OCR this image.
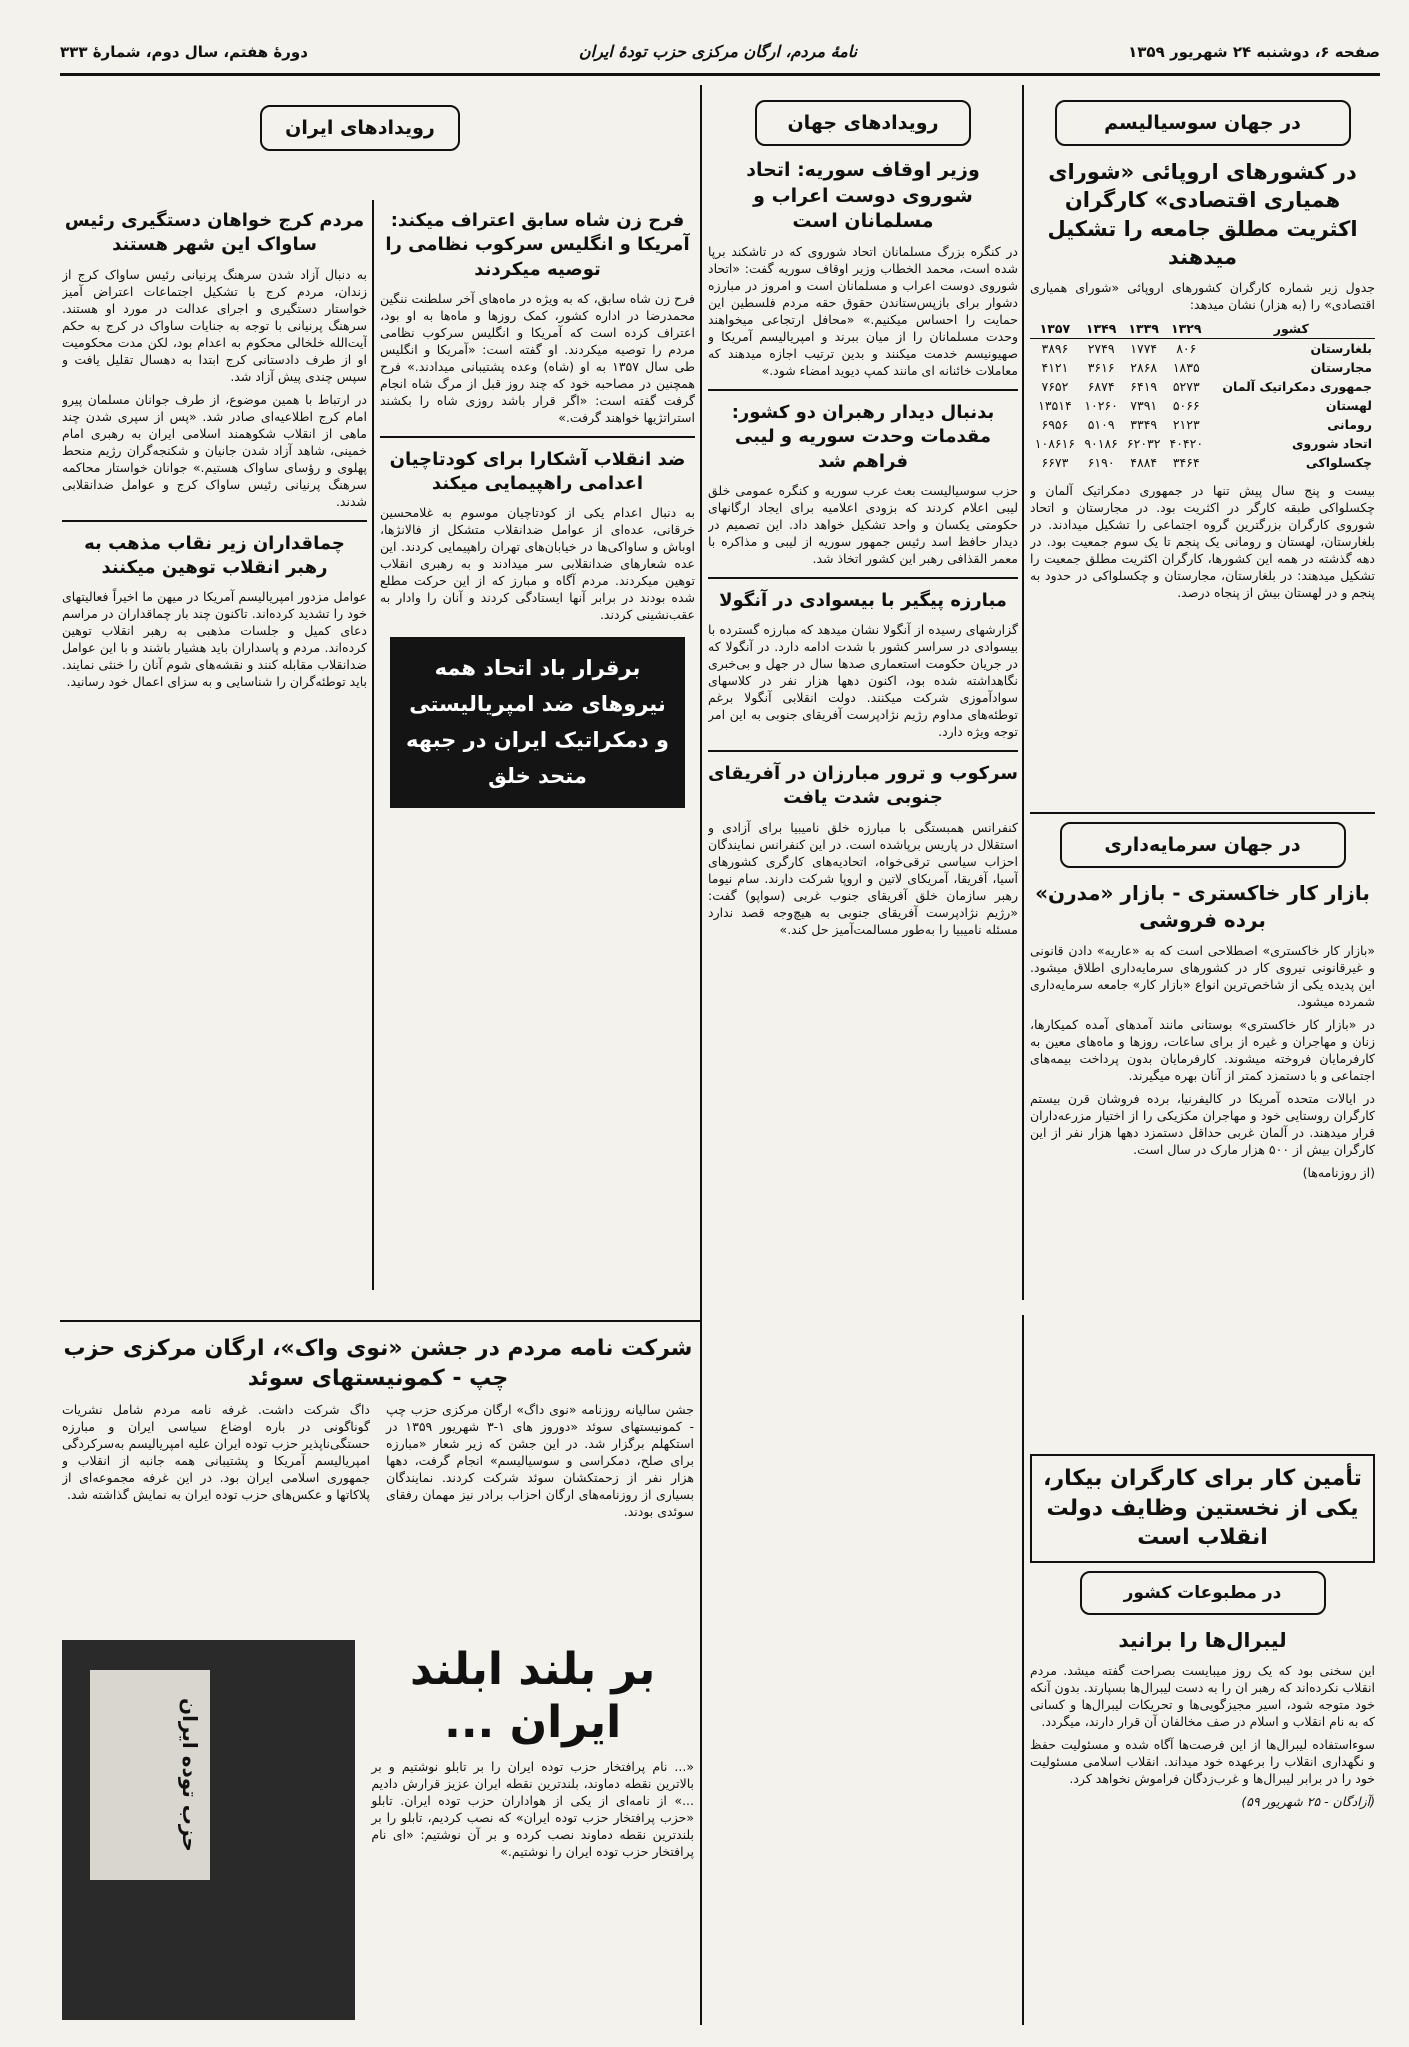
صفحه ۶، دوشنبه ۲۴ شهریور ۱۳۵۹
نامهٔ مردم، ارگان مرکزی حزب تودهٔ ایران
دورهٔ هفتم، سال دوم، شمارهٔ ۳۳۳
در جهان سوسیالیسم
در کشورهای اروپائی «شورای همیاری اقتصادی» کارگران اکثریت مطلق جامعه را تشکیل میدهند

جدول زیر شماره کارگران کشورهای اروپائی «شورای همیاری اقتصادی» را (به هزار) نشان میدهد:

کشور	۱۳۲۹	۱۳۳۹	۱۳۴۹	۱۳۵۷
بلغارستان	۸۰۶	۱۷۷۴	۲۷۴۹	۳۸۹۶
مجارستان	۱۸۳۵	۲۸۶۸	۳۶۱۶	۴۱۲۱
جمهوری دمکراتیک آلمان	۵۲۷۳	۶۴۱۹	۶۸۷۴	۷۶۵۲
لهستان	۵۰۶۶	۷۳۹۱	۱۰۲۶۰	۱۳۵۱۴
رومانی	۲۱۲۳	۳۳۴۹	۵۱۰۹	۶۹۵۶
اتحاد شوروی	۴۰۴۲۰	۶۲۰۳۲	۹۰۱۸۶	۱۰۸۶۱۶
چکسلواکی	۳۴۶۴	۴۸۸۴	۶۱۹۰	۶۶۷۳

بیست و پنج سال پیش تنها در جمهوری دمکراتیک آلمان و چکسلواکی طبقه کارگر در اکثریت بود. در مجارستان و اتحاد شوروی کارگران بزرگترین گروه اجتماعی را تشکیل میدادند. در بلغارستان، لهستان و رومانی یک پنجم تا یک سوم جمعیت بود. در دهه گذشته در همه این کشورها، کارگران اکثریت مطلق جمعیت را تشکیل میدهند: در بلغارستان، مجارستان و چکسلواکی در حدود به پنجم و در لهستان بیش از پنجاه درصد.

در جهان سرمایه‌داری
بازار کار خاکستری - بازار «مدرن» برده فروشی

«بازار کار خاکستری» اصطلاحی است که به «عاریه» دادن قانونی و غیرقانونی نیروی کار در کشورهای سرمایه‌داری اطلاق میشود. این پدیده یکی از شاخص‌ترین انواع «بازار کار» جامعه سرمایه‌داری شمرده میشود.

در «بازار کار خاکستری» بوستانی مانند آمدهای آمده کمیکارها، زنان و مهاجران و غیره از برای ساعات، روزها و ماه‌های معین به کارفرمایان فروخته میشوند. کارفرمایان بدون پرداخت بیمه‌های اجتماعی و با دستمزد کمتر از آنان بهره میگیرند.

در ایالات متحده آمریکا در کالیفرنیا، برده فروشان قرن بیستم کارگران روستایی خود و مهاجران مکزیکی را از اختیار مزرعه‌داران قرار میدهند. در آلمان غربی حداقل دستمزد دهها هزار نفر از این کارگران بیش از ۵۰۰ هزار مارک در سال است.

(از روزنامه‌ها)

تأمین کار برای کارگران بیکار، یکی از نخستین وظایف دولت انقلاب است
در مطبوعات کشور
لیبرال‌ها را برانید

این سخنی بود که یک روز میبایست بصراحت گفته میشد. مردم انقلاب نکرده‌اند که رهبر ان را به دست لیبرال‌ها بسپارند. بدون آنکه خود متوجه شود، اسیر مجیزگویی‌ها و تحریکات لیبرال‌ها و کسانی که به نام انقلاب و اسلام در صف مخالفان آن قرار دارند، میگردد.

سوءاستفاده لیبرال‌ها از این فرصت‌ها آگاه شده و مسئولیت حفظ و نگهداری انقلاب را برعهده خود میداند. انقلاب اسلامی مسئولیت خود را در برابر لیبرال‌ها و غرب‌زدگان فراموش نخواهد کرد.

(آزادگان - ۲۵ شهریور ۵۹)

رویدادهای جهان
وزیر اوقاف سوریه: اتحاد شوروی دوست اعراب و مسلمانان است

در کنگره بزرگ مسلمانان اتحاد شوروی که در تاشکند برپا شده است، محمد الخطاب وزیر اوقاف سوریه گفت: «اتحاد شوروی دوست اعراب و مسلمانان است و امروز در مبارزه دشوار برای بازپس‌ستاندن حقوق حقه مردم فلسطین این حمایت را احساس میکنیم.» «محافل ارتجاعی میخواهند وحدت مسلمانان را از میان ببرند و امپریالیسم آمریکا و صهیونیسم خدمت میکنند و بدین ترتیب اجازه میدهند که معاملات خائنانه ای مانند کمپ دیوید امضاء شود.»

بدنبال دیدار رهبران دو کشور: مقدمات وحدت سوریه و لیبی فراهم شد

حزب سوسیالیست بعث عرب سوریه و کنگره عمومی خلق لیبی اعلام کردند که بزودی اعلامیه برای ایجاد ارگانهای حکومتی یکسان و واحد تشکیل خواهد داد. این تصمیم در دیدار حافظ اسد رئیس جمهور سوریه از لیبی و مذاکره با معمر القذافی رهبر این کشور اتخاذ شد.

مبارزه پیگیر با بیسوادی در آنگولا

گزارشهای رسیده از آنگولا نشان میدهد که مبارزه گسترده با بیسوادی در سراسر کشور با شدت ادامه دارد. در آنگولا که در جریان حکومت استعماری صدها سال در جهل و بی‌خبری نگاهداشته شده بود، اکنون دهها هزار نفر در کلاسهای سوادآموزی شرکت میکنند. دولت انقلابی آنگولا برغم توطئه‌های مداوم رژیم نژادپرست آفریقای جنوبی به این امر توجه ویژه دارد.

سرکوب و ترور مبارزان در آفریقای جنوبی شدت یافت

کنفرانس همبستگی با مبارزه خلق نامیبیا برای آزادی و استقلال در پاریس برپاشده است. در این کنفرانس نمایندگان احزاب سیاسی ترقی‌خواه، اتحادیه‌های کارگری کشورهای آسیا، آفریقا، آمریکای لاتین و اروپا شرکت دارند. سام نیوما رهبر سازمان خلق آفریقای جنوب غربی (سواپو) گفت: «رژیم نژادپرست آفریقای جنوبی به هیچ‌وجه قصد ندارد مسئله نامیبیا را به‌طور مسالمت‌آمیز حل کند.»

رویدادهای ایران
فرح زن شاه سابق اعتراف میکند: آمریکا و انگلیس سرکوب نظامی را توصیه میکردند

فرح زن شاه سابق، که به ویژه در ماه‌های آخر سلطنت ننگین محمدرضا در اداره کشور، کمک روزها و ماه‌ها به او بود، اعتراف کرده است که آمریکا و انگلیس سرکوب نظامی مردم را توصیه میکردند. او گفته است: «آمریکا و انگلیس طی سال ۱۳۵۷ به او (شاه) وعده پشتیبانی میدادند.» فرح همچنین در مصاحبه خود که چند روز قبل از مرگ شاه انجام گرفت گفته است: «اگر قرار باشد روزی شاه را بکشند استراتژیها خواهند گرفت.»

ضد انقلاب آشکارا برای کودتاچیان اعدامی راهپیمایی میکند

به دنبال اعدام یکی از کودتاچیان موسوم به غلامحسین خرقانی، عده‌ای از عوامل ضدانقلاب متشکل از فالانژها، اوباش و ساواکی‌ها در خیابان‌های تهران راهپیمایی کردند. این عده شعارهای ضدانقلابی سر میدادند و به رهبری انقلاب توهین میکردند. مردم آگاه و مبارز که از این حرکت مطلع شده بودند در برابر آنها ایستادگی کردند و آنان را وادار به عقب‌نشینی کردند.

برقرار باد اتحاد همه نیروهای ضد امپریالیستی و دمکراتیک ایران در جبهه متحد خلق
مردم کرج خواهان دستگیری رئیس ساواک این شهر هستند

به دنبال آزاد شدن سرهنگ پرنیانی رئیس ساواک کرج از زندان، مردم کرج با تشکیل اجتماعات اعتراض آمیز خواستار دستگیری و اجرای عدالت در مورد او هستند. سرهنگ پرنیانی با توجه به جنایات ساواک در کرج به حکم آیت‌الله خلخالی محکوم به اعدام بود، لکن مدت محکومیت او از طرف دادستانی کرج ابتدا به دهسال تقلیل یافت و سپس چندی پیش آزاد شد.

در ارتباط با همین موضوع، از طرف جوانان مسلمان پیرو امام کرج اطلاعیه‌ای صادر شد. «پس از سپری شدن چند ماهی از انقلاب شکوهمند اسلامی ایران به رهبری امام خمینی، شاهد آزاد شدن جانیان و شکنجه‌گران رژیم منحط پهلوی و رؤسای ساواک هستیم.» جوانان خواستار محاکمه سرهنگ پرنیانی رئیس ساواک کرج و عوامل ضدانقلابی شدند.

چماقداران زیر نقاب مذهب به رهبر انقلاب توهین میکنند

عوامل مزدور امپریالیسم آمریکا در میهن ما اخیراً فعالیتهای خود را تشدید کرده‌اند. تاکنون چند بار چماقداران در مراسم دعای کمیل و جلسات مذهبی به رهبر انقلاب توهین کرده‌اند. مردم و پاسداران باید هشیار باشند و با این عوامل ضدانقلاب مقابله کنند و نقشه‌های شوم آنان را خنثی نمایند. باید توطئه‌گران را شناسایی و به سزای اعمال خود رسانید.

شرکت نامه مردم در جشن «نوی واک»، ارگان مرکزی حزب چپ - کمونیستهای سوئد

جشن سالیانه روزنامه «نوی داگ» ارگان مرکزی حزب چپ - کمونیستهای سوئد «دوروز های ۱-۳ شهریور ۱۳۵۹ در استکهلم برگزار شد. در این جشن که زیر شعار «مبارزه برای صلح، دمکراسی و سوسیالیسم» انجام گرفت، دهها هزار نفر از زحمتکشان سوئد شرکت کردند. نمایندگان بسیاری از روزنامه‌های ارگان احزاب برادر نیز مهمان رفقای سوئدی بودند.

داگ شرکت داشت. غرفه نامه مردم شامل نشریات گوناگونی در باره اوضاع سیاسی ایران و مبارزه حستگی‌ناپذیر حزب توده ایران علیه امپریالیسم به‌سرکردگی امپریالیسم آمریکا و پشتیبانی همه جانبه از انقلاب و جمهوری اسلامی ایران بود. در این غرفه مجموعه‌ای از پلاکاتها و عکس‌های حزب توده ایران به نمایش گذاشته شد.

بر بلند ابلند ایران ...

«... نام پرافتخار حزب توده ایران را بر تابلو نوشتیم و بر بالاترین نقطه دماوند، بلندترین نقطه ایران عزیز قرارش دادیم ...» از نامه‌ای از یکی از هواداران حزب توده ایران. تابلو «حزب پرافتخار حزب توده ایران» که نصب کردیم، تابلو را بر بلندترین نقطه دماوند نصب کرده و بر آن نوشتیم: «ای نام پرافتخار حزب توده ایران را نوشتیم.»

حزب توده ایران
